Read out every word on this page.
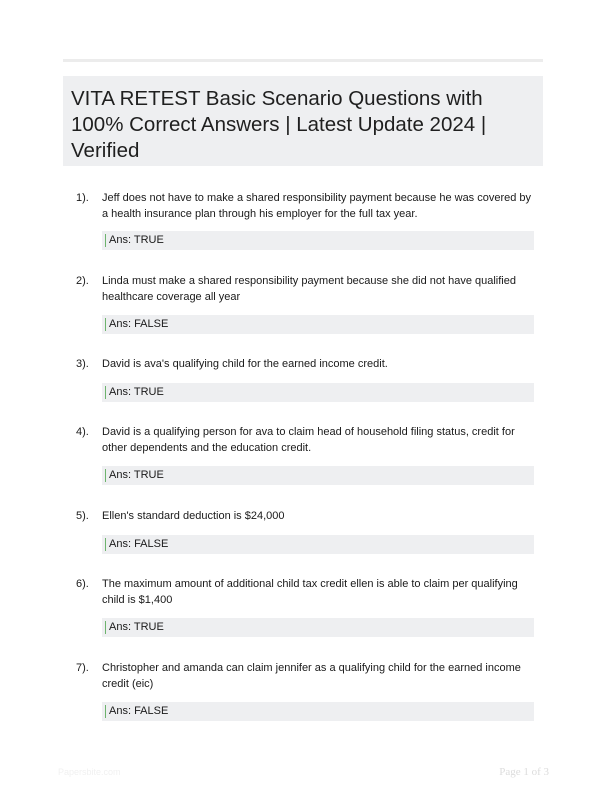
VITA RETEST Basic Scenario Questions with 100% Correct Answers | Latest Update 2024 | Verified
1). Jeff does not have to make a shared responsibility payment because he was covered by a health insurance plan through his employer for the full tax year.
Ans: TRUE
2). Linda must make a shared responsibility payment because she did not have qualified healthcare coverage all year
Ans: FALSE
3). David is ava's qualifying child for the earned income credit.
Ans: TRUE
4). David is a qualifying person for ava to claim head of household filing status, credit for other dependents and the education credit.
Ans: TRUE
5). Ellen's standard deduction is $24,000
Ans: FALSE
6). The maximum amount of additional child tax credit ellen is able to claim per qualifying child is $1,400
Ans: TRUE
7). Christopher and amanda can claim jennifer as a qualifying child for the earned income credit (eic)
Ans: FALSE
Papersbite.com	Page 1 of 3
